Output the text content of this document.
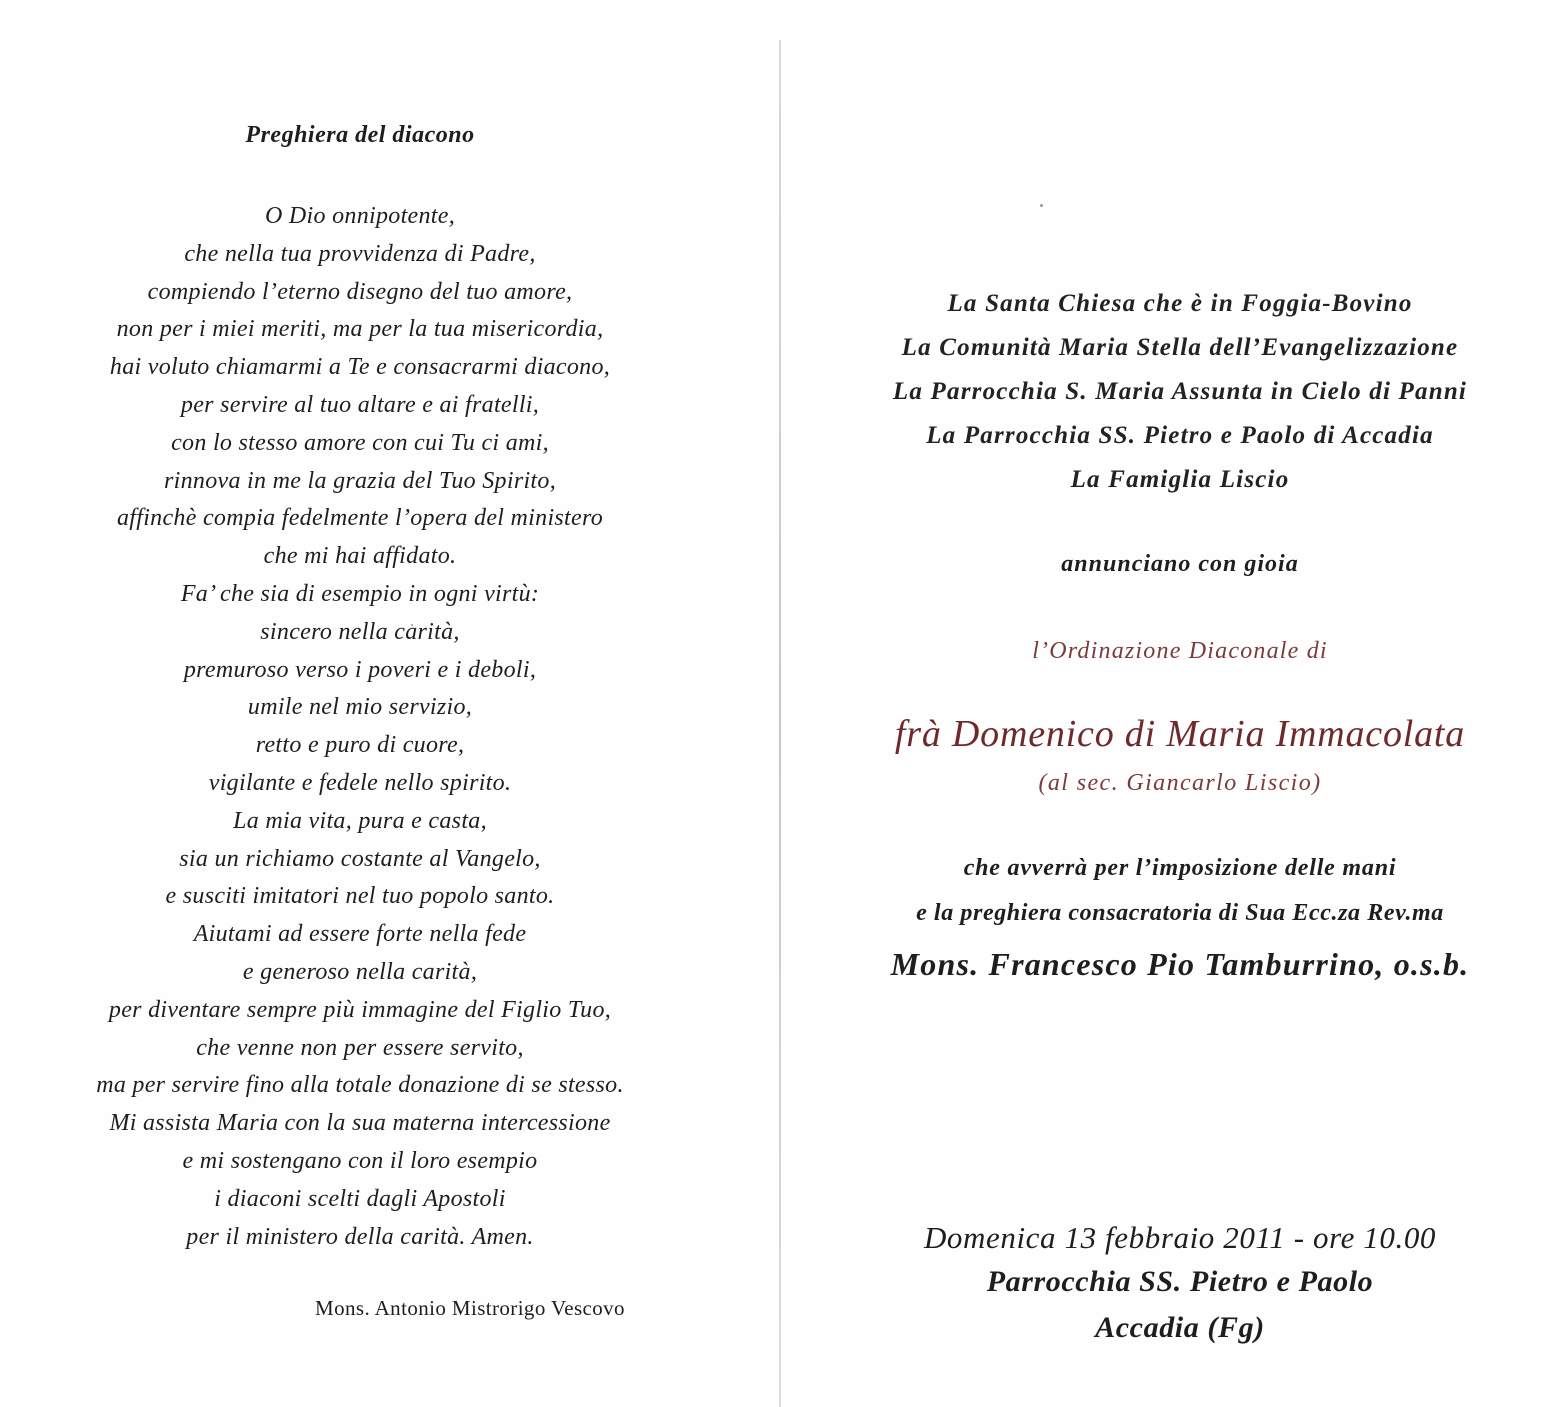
Preghiera del diacono
O Dio onnipotente,
che nella tua provvidenza di Padre,
compiendo l’eterno disegno del tuo amore,
non per i miei meriti, ma per la tua misericordia,
hai voluto chiamarmi a Te e consacrarmi diacono,
per servire al tuo altare e ai fratelli,
con lo stesso amore con cui Tu ci ami,
rinnova in me la grazia del Tuo Spirito,
affinchè compia fedelmente l’opera del ministero
che mi hai affidato.
Fa’ che sia di esempio in ogni virtù:
sincero nella carità,
premuroso verso i poveri e i deboli,
umile nel mio servizio,
retto e puro di cuore,
vigilante e fedele nello spirito.
La mia vita, pura e casta,
sia un richiamo costante al Vangelo,
e susciti imitatori nel tuo popolo santo.
Aiutami ad essere forte nella fede
e generoso nella carità,
per diventare sempre più immagine del Figlio Tuo,
che venne non per essere servito,
ma per servire fino alla totale donazione di se stesso.
Mi assista Maria con la sua materna intercessione
e mi sostengano con il loro esempio
i diaconi scelti dagli Apostoli
per il ministero della carità. Amen.
Mons. Antonio Mistrorigo Vescovo
La Santa Chiesa che è in Foggia-Bovino
La Comunità Maria Stella dell’Evangelizzazione
La Parrocchia S. Maria Assunta in Cielo di Panni
La Parrocchia SS. Pietro e Paolo di Accadia
La Famiglia Liscio
annunciano con gioia
l’Ordinazione Diaconale di
frà Domenico di Maria Immacolata
(al sec. Giancarlo Liscio)
che avverrà per l’imposizione delle mani
e la preghiera consacratoria di Sua Ecc.za Rev.ma
Mons. Francesco Pio Tamburrino, o.s.b.
Domenica 13 febbraio 2011 - ore 10.00
Parrocchia SS. Pietro e Paolo
Accadia (Fg)
